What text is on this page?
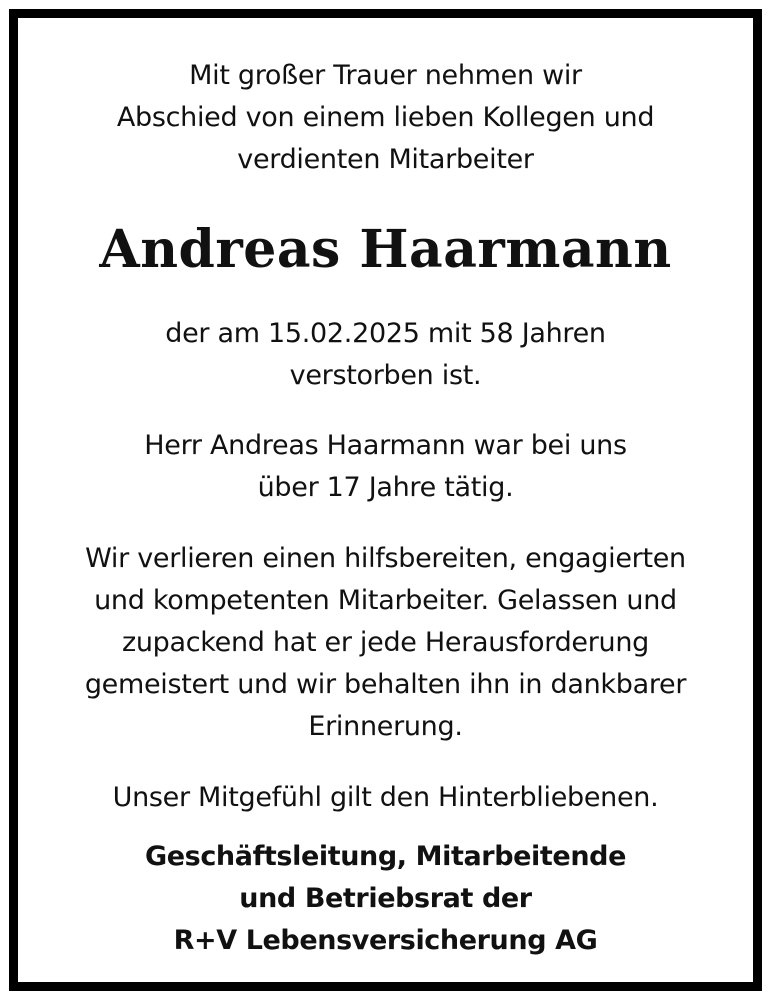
Mit großer Trauer nehmen wir
Abschied von einem lieben Kollegen und
verdienten Mitarbeiter

Andreas Haarmann

der am 15.02.2025 mit 58 Jahren
verstorben ist.

Herr Andreas Haarmann war bei uns
über 17 Jahre tätig.

Wir verlieren einen hilfsbereiten, engagierten
und kompetenten Mitarbeiter. Gelassen und
zupackend hat er jede Herausforderung
gemeistert und wir behalten ihn in dankbarer
Erinnerung.

Unser Mitgefühl gilt den Hinterbliebenen.

Geschäftsleitung, Mitarbeitende
und Betriebsrat der
R+V Lebensversicherung AG
